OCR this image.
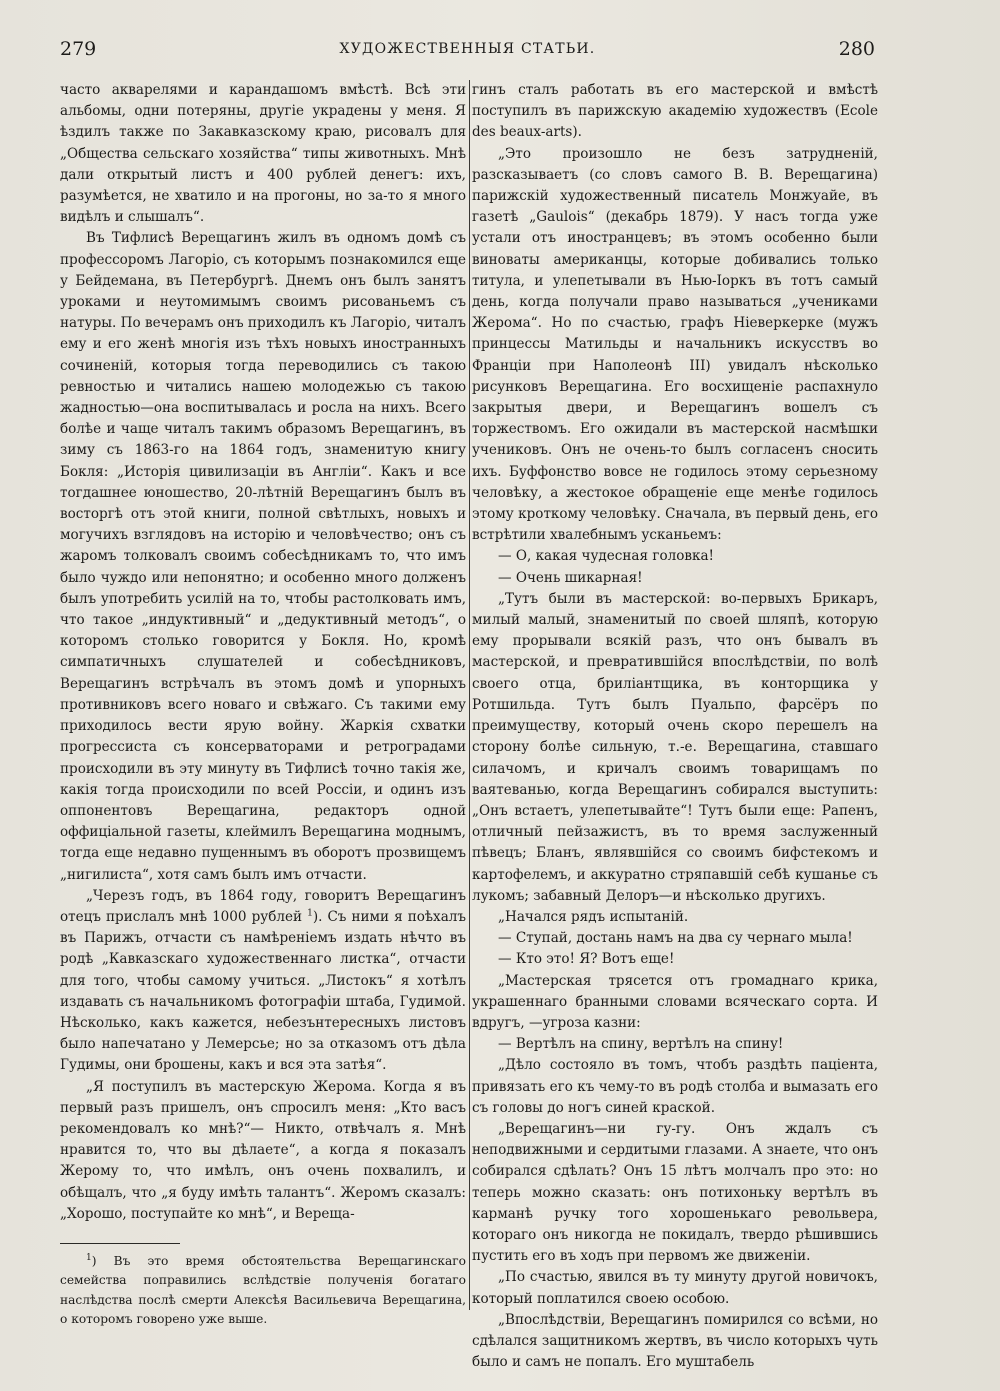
279	ХУДОЖЕСТВЕННЫЯ СТАТЬИ.	280

часто акварелями и карандашомъ вмѣстѣ. Всѣ эти альбомы, одни потеряны, другіе украдены у меня. Я ѣздилъ также по Закавказскому краю, рисовалъ для „Общества сельскаго хозяйства“ типы животныхъ. Мнѣ дали открытый листъ и 400 рублей денегъ: ихъ, разумѣется, не хватило и на прогоны, но за-то я много видѣлъ и слышалъ“.

Въ Тифлисѣ Верещагинъ жилъ въ одномъ домѣ съ профессоромъ Лагоріо, съ которымъ познакомился еще у Бейдемана, въ Петербургѣ. Днемъ онъ былъ занятъ уроками и неутомимымъ своимъ рисованьемъ съ натуры. По вечерамъ онъ приходилъ къ Лагоріо, читалъ ему и его женѣ многія изъ тѣхъ новыхъ иностранныхъ сочиненій, которыя тогда переводились съ такою ревностью и читались нашею молодежью съ такою жадностью—она воспитывалась и росла на нихъ. Всего болѣе и чаще читалъ такимъ образомъ Верещагинъ, въ зиму съ 1863-го на 1864 годъ, знаменитую книгу Бокля: „Исторія цивилизаціи въ Англіи“. Какъ и все тогдашнее юношество, 20-лѣтній Верещагинъ былъ въ восторгѣ отъ этой книги, полной свѣтлыхъ, новыхъ и могучихъ взглядовъ на исторію и человѣчество; онъ съ жаромъ толковалъ своимъ собесѣдникамъ то, что имъ было чуждо или непонятно; и особенно много долженъ былъ употребить усилій на то, чтобы растолковать имъ, что такое „индуктивный“ и „дедуктивный методъ“, о которомъ столько говорится у Бокля. Но, кромѣ симпатичныхъ слушателей и собесѣдниковъ, Верещагинъ встрѣчалъ въ этомъ домѣ и упорныхъ противниковъ всего новаго и свѣжаго. Съ такими ему приходилось вести ярую войну. Жаркія схватки прогрессиста съ консерваторами и ретроградами происходили въ эту минуту въ Тифлисѣ точно такія же, какія тогда происходили по всей Россіи, и одинъ изъ оппонентовъ Верещагина, редакторъ одной оффиціальной газеты, клеймилъ Верещагина моднымъ, тогда еще недавно пущеннымъ въ оборотъ прозвищемъ „нигилиста“, хотя самъ былъ имъ отчасти.

„Черезъ годъ, въ 1864 году, говоритъ Верещагинъ отецъ прислалъ мнѣ 1000 рублей $^1$). Съ ними я поѣхалъ въ Парижъ, отчасти съ намѣреніемъ издать нѣчто въ родѣ „Кавказскаго художественнаго листка“, отчасти для того, чтобы самому учиться. „Листокъ“ я хотѣлъ издавать съ начальникомъ фотографіи штаба, Гудимой. Нѣсколько, какъ кажется, небезънтересныхъ листовъ было напечатано у Лемерсье; но за отказомъ отъ дѣла Гудимы, они брошены, какъ и вся эта затѣя“.

„Я поступилъ въ мастерскую Жерома. Когда я въ первый разъ пришелъ, онъ спросилъ меня: „Кто васъ рекомендовалъ ко мнѣ?“— Никто, отвѣчалъ я. Мнѣ нравится то, что вы дѣлаете“, а когда я показалъ Жерому то, что имѣлъ, онъ очень похвалилъ, и обѣщалъ, что „я буду имѣть талантъ“. Жеромъ сказалъ: „Хорошо, поступайте ко мнѣ“, и Вереща-

$^1$) Въ это время обстоятельства Верещагинскаго семейства поправились вслѣдствіе полученія богатаго наслѣдства послѣ смерти Алексѣя Васильевича Верещагина, о которомъ говорено уже выше.

гинъ сталъ работать въ его мастерской и вмѣстѣ поступилъ въ парижскую академію художествъ (Ecole des beaux-arts).

„Это произошло не безъ затрудненій, разсказываетъ (со словъ самого В. В. Верещагина) парижскій художественный писатель Монжуайе, въ газетѣ „Gaulois“ (декабрь 1879). У насъ тогда уже устали отъ иностранцевъ; въ этомъ особенно были виноваты американцы, которые добивались только титула, и улепетывали въ Нью-Іоркъ въ тотъ самый день, когда получали право называться „учениками Жерома“. Но по счастью, графъ Ніеверкерке (мужъ принцессы Матильды и начальникъ искусствъ во Франціи при Наполеонѣ III) увидалъ нѣсколько рисунковъ Верещагина. Его восхищеніе распахнуло закрытыя двери, и Верещагинъ вошелъ съ торжествомъ. Его ожидали въ мастерской насмѣшки учениковъ. Онъ не очень-то былъ согласенъ сносить ихъ. Буффонство вовсе не годилось этому серьезному человѣку, а жестокое обращеніе еще менѣе годилось этому кроткому человѣку. Сначала, въ первый день, его встрѣтили хвалебнымъ усканьемъ:

— О, какая чудесная головка!

— Очень шикарная!

„Тутъ были въ мастерской: во-первыхъ Брикаръ, милый малый, знаменитый по своей шляпѣ, которую ему прорывали всякій разъ, что онъ бывалъ въ мастерской, и превратившійся впослѣдствіи, по волѣ своего отца, бриліантщика, въ конторщика у Ротшильда. Тутъ былъ Пуальпо, фарсёръ по преимуществу, который очень скоро перешелъ на сторону болѣе сильную, т.-е. Верещагина, ставшаго силачомъ, и кричалъ своимъ товарищамъ по ваятеванью, когда Верещагинъ собирался выступить: „Онъ встаетъ, улепетывайте“! Тутъ были еще: Рапенъ, отличный пейзажистъ, въ то время заслуженный пѣвецъ; Бланъ, являвшійся со своимъ бифстекомъ и картофелемъ, и аккуратно стряпавшій себѣ кушанье съ лукомъ; забавный Делоръ—и нѣсколько другихъ.

„Начался рядъ испытаній.

— Ступай, достань намъ на два су чернаго мыла!

— Кто это! Я? Вотъ еще!

„Мастерская трясется отъ громаднаго крика, украшеннаго бранными словами всяческаго сорта. И вдругъ, —угроза казни:

— Вертѣлъ на спину, вертѣлъ на спину!

„Дѣло состояло въ томъ, чтобъ раздѣть паціента, привязать его къ чему-то въ родѣ столба и вымазать его съ головы до ногъ синей краской.

„Верещагинъ—ни гу-гу. Онъ ждалъ съ неподвижными и сердитыми глазами. А знаете, что онъ собирался сдѣлать? Онъ 15 лѣтъ молчалъ про это: но теперь можно сказать: онъ потихоньку вертѣлъ въ карманѣ ручку того хорошенькаго револьвера, котораго онъ никогда не покидалъ, твердо рѣшившись пустить его въ ходъ при первомъ же движеніи.

„По счастью, явился въ ту минуту другой новичокъ, который поплатился своею особою.

„Впослѣдствіи, Верещагинъ помирился со всѣми, но сдѣлался защитникомъ жертвъ, въ число которыхъ чуть было и самъ не попалъ. Его муштабель
